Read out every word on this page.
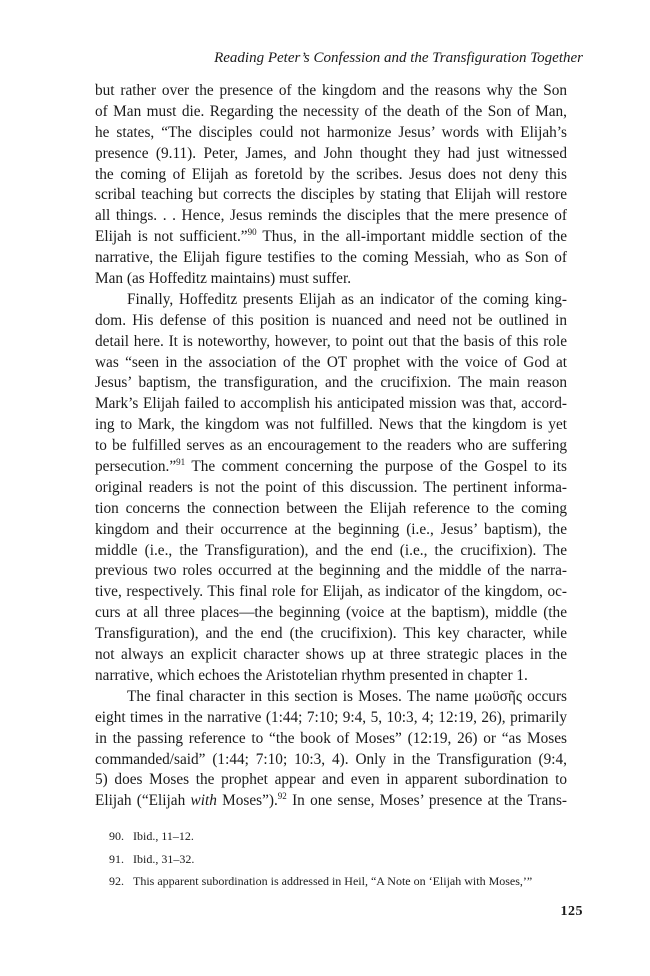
Reading Peter’s Confession and the Transfiguration Together
but rather over the presence of the kingdom and the reasons why the Son
of Man must die. Regarding the necessity of the death of the Son of Man,
he states, “The disciples could not harmonize Jesus’ words with Elijah’s
presence (9.11). Peter, James, and John thought they had just witnessed
the coming of Elijah as foretold by the scribes. Jesus does not deny this
scribal teaching but corrects the disciples by stating that Elijah will restore
all things. . . Hence, Jesus reminds the disciples that the mere presence of
Elijah is not sufficient.”$^{90}$ Thus, in the all-important middle section of the
narrative, the Elijah figure testifies to the coming Messiah, who as Son of
Man (as Hoffeditz maintains) must suffer.
Finally, Hoffeditz presents Elijah as an indicator of the coming king-
dom. His defense of this position is nuanced and need not be outlined in
detail here. It is noteworthy, however, to point out that the basis of this role
was “seen in the association of the OT prophet with the voice of God at
Jesus’ baptism, the transfiguration, and the crucifixion. The main reason
Mark’s Elijah failed to accomplish his anticipated mission was that, accord-
ing to Mark, the kingdom was not fulfilled. News that the kingdom is yet
to be fulfilled serves as an encouragement to the readers who are suffering
persecution.”$^{91}$ The comment concerning the purpose of the Gospel to its
original readers is not the point of this discussion. The pertinent informa-
tion concerns the connection between the Elijah reference to the coming
kingdom and their occurrence at the beginning (i.e., Jesus’ baptism), the
middle (i.e., the Transfiguration), and the end (i.e., the crucifixion). The
previous two roles occurred at the beginning and the middle of the narra-
tive, respectively. This final role for Elijah, as indicator of the kingdom, oc-
curs at all three places—the beginning (voice at the baptism), middle (the
Transfiguration), and the end (the crucifixion). This key character, while
not always an explicit character shows up at three strategic places in the
narrative, which echoes the Aristotelian rhythm presented in chapter 1.
The final character in this section is Moses. The name μωϋσῆς occurs
eight times in the narrative (1:44; 7:10; 9:4, 5, 10:3, 4; 12:19, 26), primarily
in the passing reference to “the book of Moses” (12:19, 26) or “as Moses
commanded/said” (1:44; 7:10; 10:3, 4). Only in the Transfiguration (9:4,
5) does Moses the prophet appear and even in apparent subordination to
Elijah (“Elijah with Moses”).$^{92}$ In one sense, Moses’ presence at the Trans-
90. Ibid., 11–12.
91. Ibid., 31–32.
92. This apparent subordination is addressed in Heil, “A Note on ‘Elijah with Moses,’”
125
